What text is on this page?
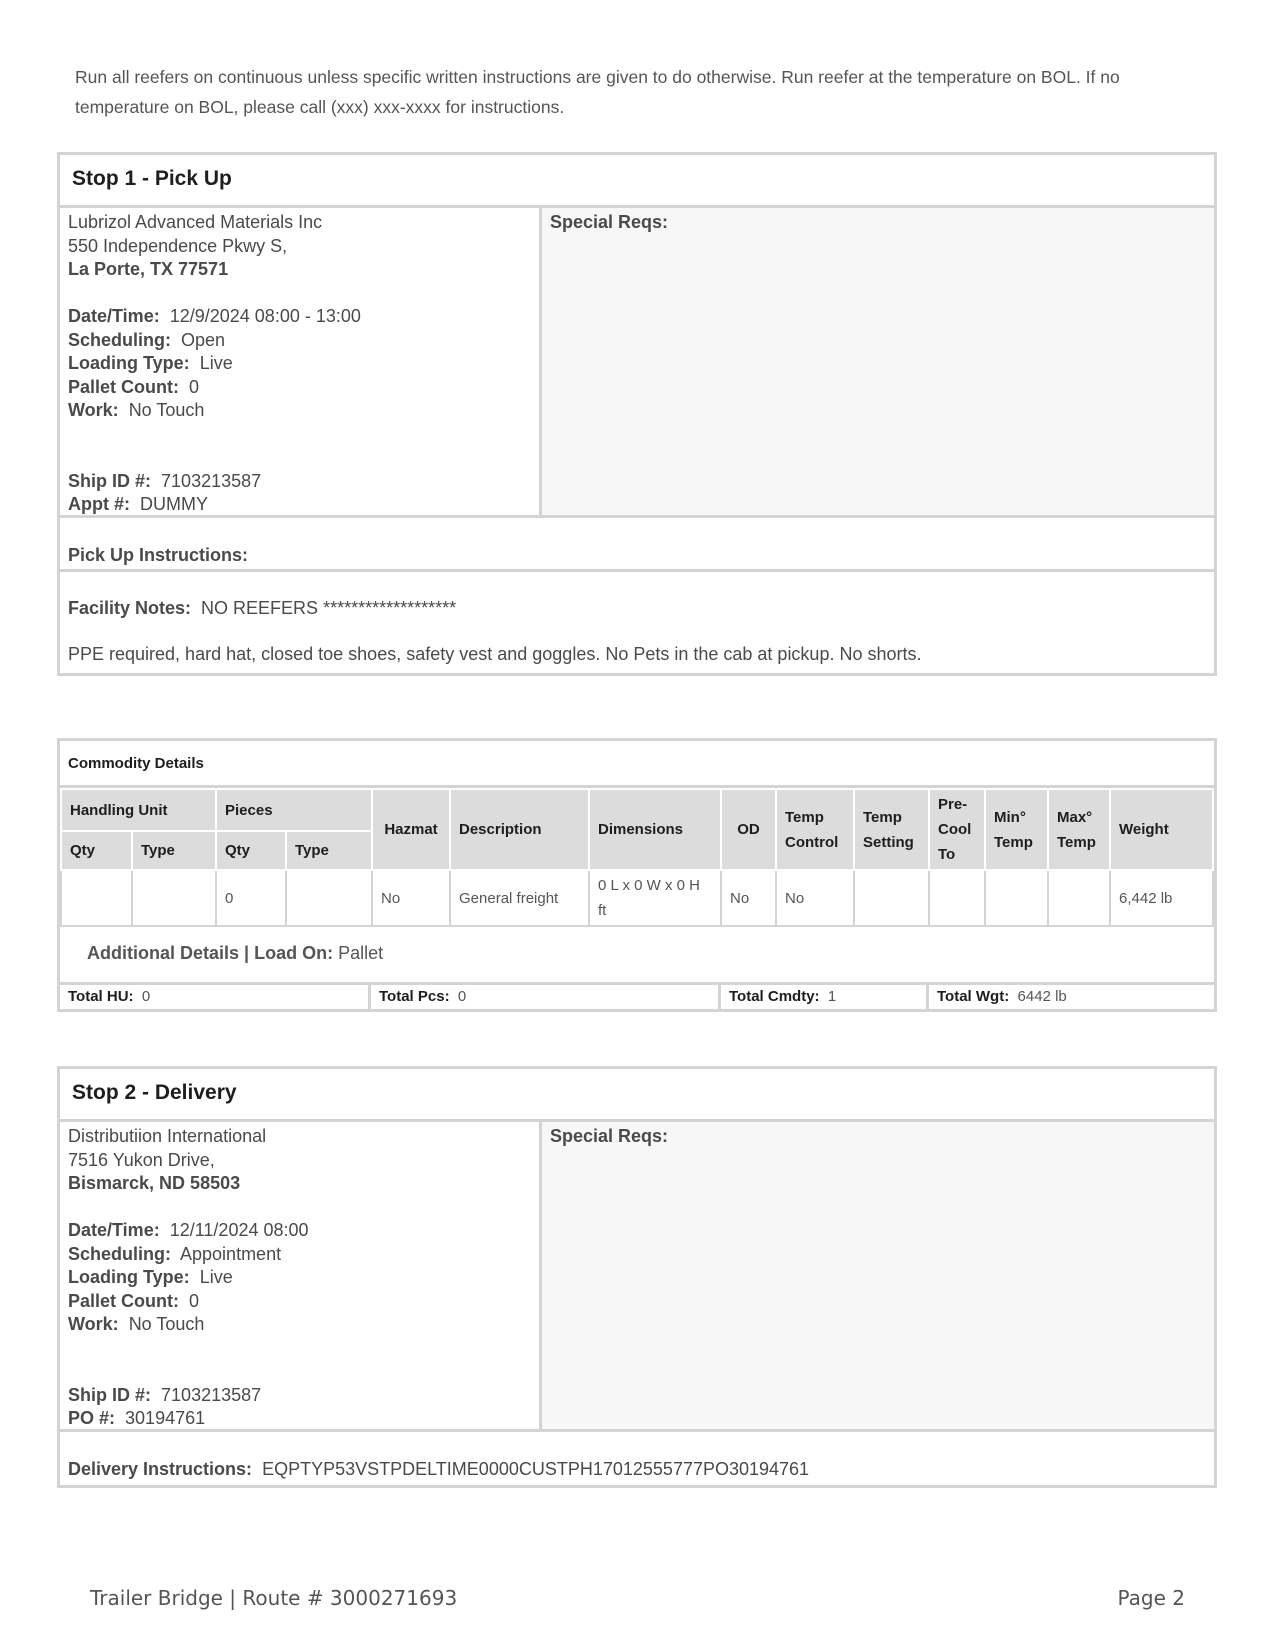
Run all reefers on continuous unless specific written instructions are given to do otherwise. Run reefer at the temperature on BOL. If no temperature on BOL, please call (xxx) xxx-xxxx for instructions.

Stop 1 - Pick Up
Lubrizol Advanced Materials Inc
550 Independence Pkwy S,
La Porte, TX 77571
Date/Time: 12/9/2024 08:00 - 13:00
Scheduling: Open
Loading Type: Live
Pallet Count: 0
Work: No Touch
Ship ID #: 7103213587
Appt #: DUMMY
Special Reqs:
Pick Up Instructions:
Facility Notes: NO REEFERS *******************
PPE required, hard hat, closed toe shoes, safety vest and goggles. No Pets in the cab at pickup. No shorts.
Commodity Details
Handling Unit		Pieces		Hazmat	Description	Dimensions	OD	Temp Control	Temp Setting	Pre-Cool To	Min° Temp	Max° Temp	Weight
Qty	Type	Qty	Type										
		0		No	General freight	0 L x 0 W x 0 H ft	No	No					6,442 lb
Additional Details | Load On: Pallet
Total HU: 0	Total Pcs: 0	Total Cmdty: 1	Total Wgt: 6442 lb
Stop 2 - Delivery
Distributiion International
7516 Yukon Drive,
Bismarck, ND 58503
Date/Time: 12/11/2024 08:00
Scheduling: Appointment
Loading Type: Live
Pallet Count: 0
Work: No Touch
Ship ID #: 7103213587
PO #: 30194761
Special Reqs:
Delivery Instructions: EQPTYP53VSTPDELTIME0000CUSTPH17012555777PO30194761
Trailer Bridge | Route # 3000271693	Page 2
